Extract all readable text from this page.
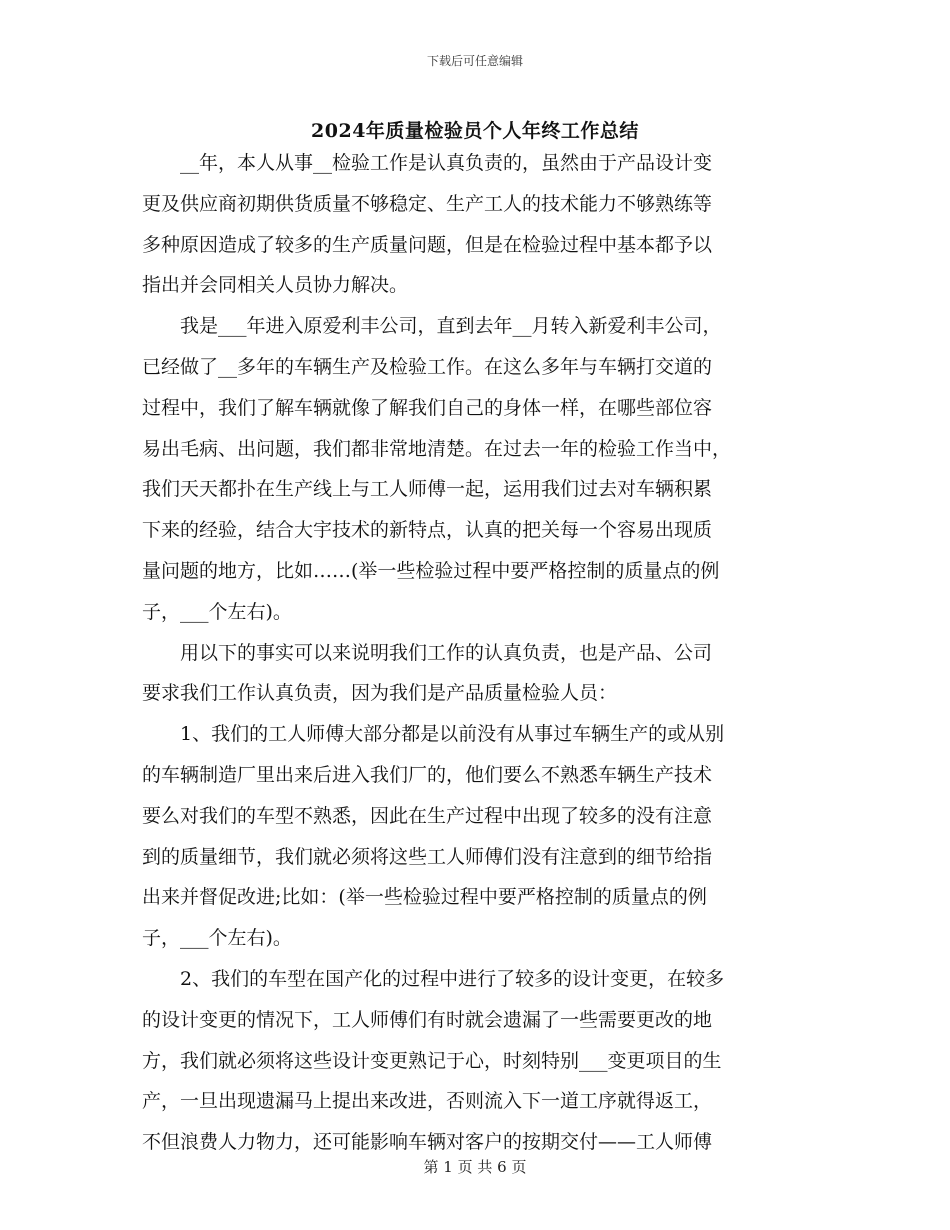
下载后可任意编辑
2024年质量检验员个人年终工作总结
　　__年，本人从事__检验工作是认真负责的，虽然由于产品设计变
更及供应商初期供货质量不够稳定、生产工人的技术能力不够熟练等
多种原因造成了较多的生产质量问题，但是在检验过程中基本都予以
指出并会同相关人员协力解决。
　　我是___年进入原爱利丰公司，直到去年__月转入新爱利丰公司，
已经做了__多年的车辆生产及检验工作。在这么多年与车辆打交道的
过程中，我们了解车辆就像了解我们自己的身体一样，在哪些部位容
易出毛病、出问题，我们都非常地清楚。在过去一年的检验工作当中，
我们天天都扑在生产线上与工人师傅一起，运用我们过去对车辆积累
下来的经验，结合大宇技术的新特点，认真的把关每一个容易出现质
量问题的地方，比如……(举一些检验过程中要严格控制的质量点的例
子，___个左右)。
　　用以下的事实可以来说明我们工作的认真负责，也是产品、公司
要求我们工作认真负责，因为我们是产品质量检验人员：
　　1、我们的工人师傅大部分都是以前没有从事过车辆生产的或从别
的车辆制造厂里出来后进入我们厂的，他们要么不熟悉车辆生产技术
要么对我们的车型不熟悉，因此在生产过程中出现了较多的没有注意
到的质量细节，我们就必须将这些工人师傅们没有注意到的细节给指
出来并督促改进;比如：(举一些检验过程中要严格控制的质量点的例
子，___个左右)。
　　2、我们的车型在国产化的过程中进行了较多的设计变更，在较多
的设计变更的情况下，工人师傅们有时就会遗漏了一些需要更改的地
方，我们就必须将这些设计变更熟记于心，时刻特别___变更项目的生
产，一旦出现遗漏马上提出来改进，否则流入下一道工序就得返工，
不但浪费人力物力，还可能影响车辆对客户的按期交付——工人师傅
第 1 页 共 6 页
